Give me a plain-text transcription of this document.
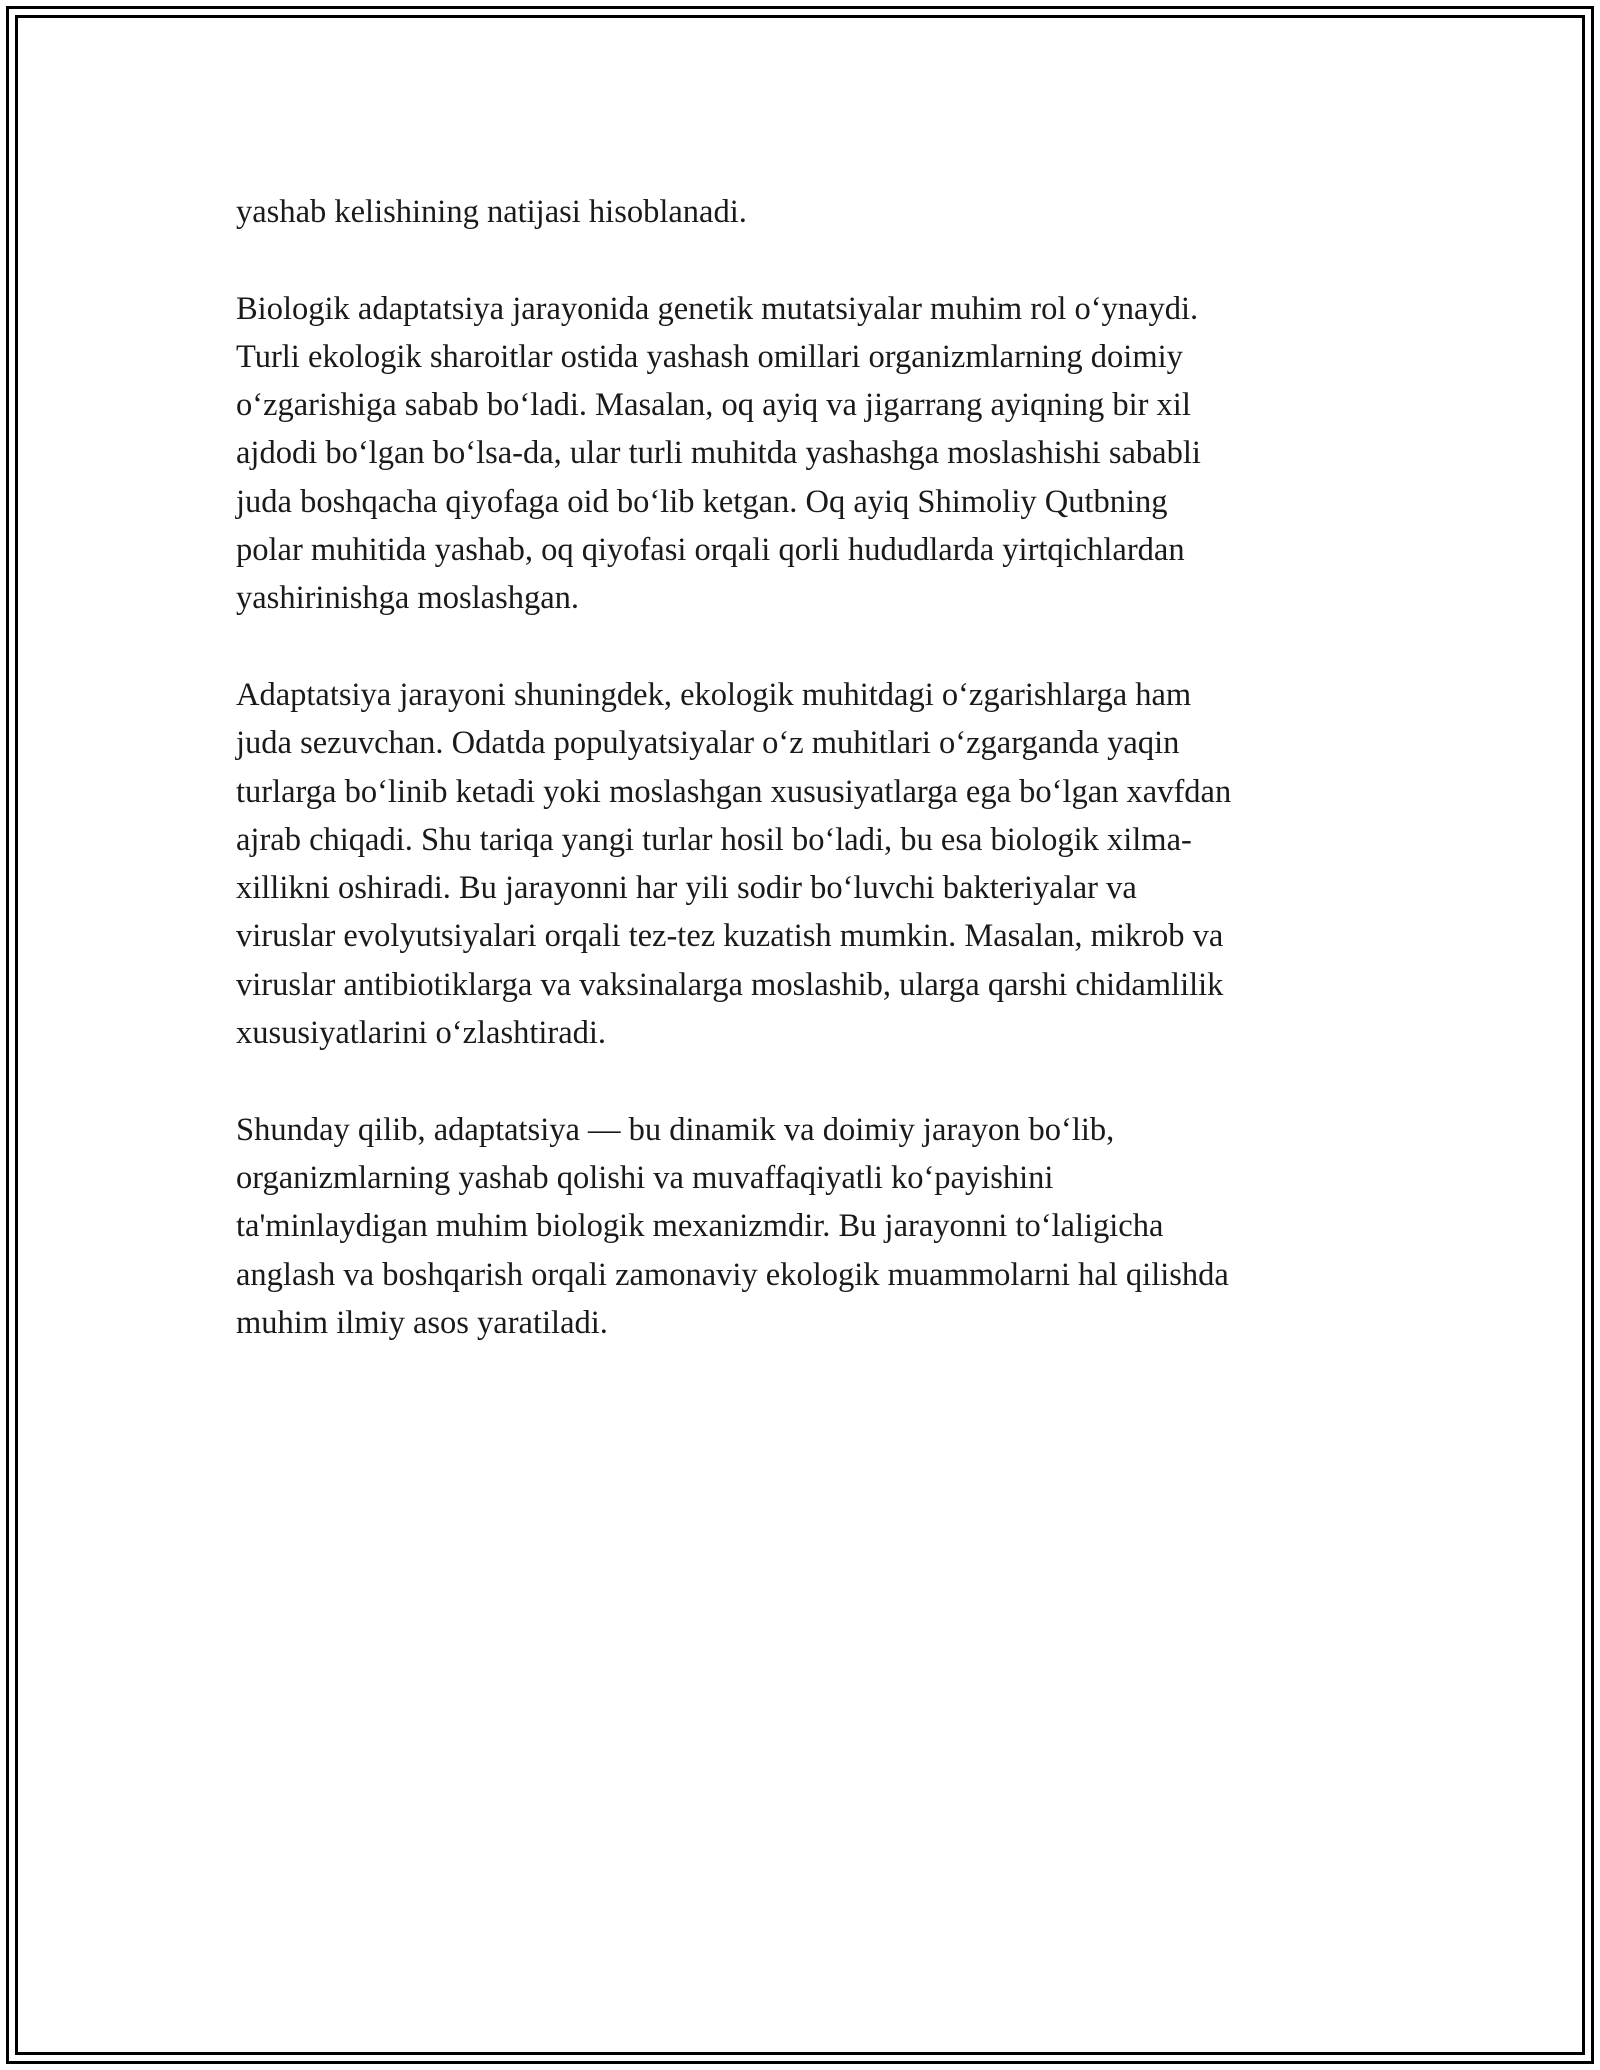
yashab kelishining natijasi hisoblanadi.

Biologik adaptatsiya jarayonida genetik mutatsiyalar muhim rol o‘ynaydi.
Turli ekologik sharoitlar ostida yashash omillari organizmlarning doimiy
o‘zgarishiga sabab bo‘ladi. Masalan, oq ayiq va jigarrang ayiqning bir xil
ajdodi bo‘lgan bo‘lsa-da, ular turli muhitda yashashga moslashishi sababli
juda boshqacha qiyofaga oid bo‘lib ketgan. Oq ayiq Shimoliy Qutbning
polar muhitida yashab, oq qiyofasi orqali qorli hududlarda yirtqichlardan
yashirinishga moslashgan.

Adaptatsiya jarayoni shuningdek, ekologik muhitdagi o‘zgarishlarga ham
juda sezuvchan. Odatda populyatsiyalar o‘z muhitlari o‘zgarganda yaqin
turlarga bo‘linib ketadi yoki moslashgan xususiyatlarga ega bo‘lgan xavfdan
ajrab chiqadi. Shu tariqa yangi turlar hosil bo‘ladi, bu esa biologik xilma-
xillikni oshiradi. Bu jarayonni har yili sodir bo‘luvchi bakteriyalar va
viruslar evolyutsiyalari orqali tez-tez kuzatish mumkin. Masalan, mikrob va
viruslar antibiotiklarga va vaksinalarga moslashib, ularga qarshi chidamlilik
xususiyatlarini o‘zlashtiradi.

Shunday qilib, adaptatsiya — bu dinamik va doimiy jarayon bo‘lib,
organizmlarning yashab qolishi va muvaffaqiyatli ko‘payishini
ta'minlaydigan muhim biologik mexanizmdir. Bu jarayonni to‘laligicha
anglash va boshqarish orqali zamonaviy ekologik muammolarni hal qilishda
muhim ilmiy asos yaratiladi.
